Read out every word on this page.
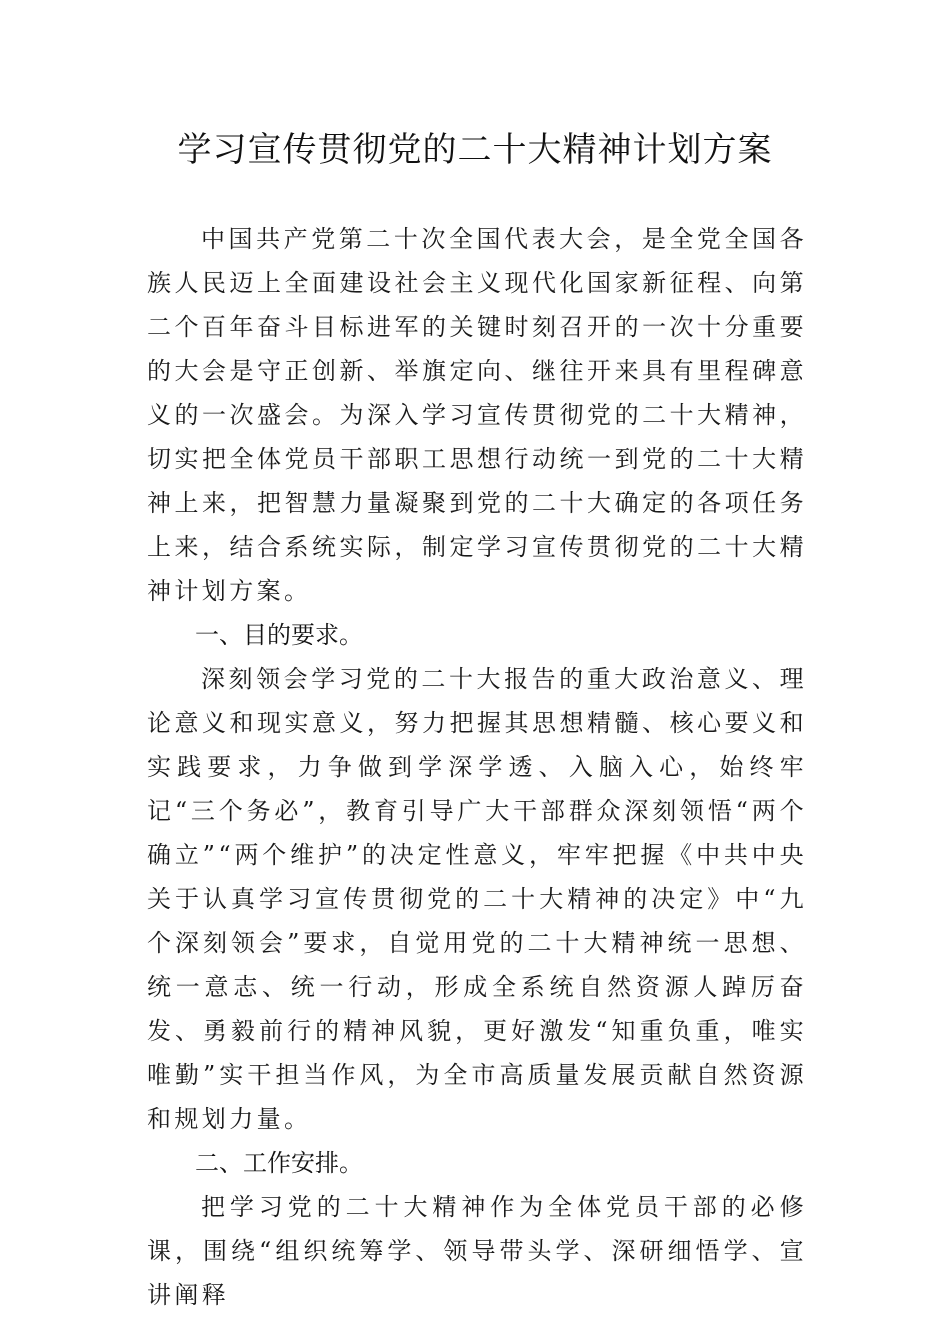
学习宣传贯彻党的二十大精神计划方案

中国共产党第二十次全国代表大会，是全党全国各族人民迈上全面建设社会主义现代化国家新征程、向第二个百年奋斗目标进军的关键时刻召开的一次十分重要的大会是守正创新、举旗定向、继往开来具有里程碑意义的一次盛会。为深入学习宣传贯彻党的二十大精神，切实把全体党员干部职工思想行动统一到党的二十大精神上来，把智慧力量凝聚到党的二十大确定的各项任务上来，结合系统实际，制定学习宣传贯彻党的二十大精神计划方案。

一、目的要求。

深刻领会学习党的二十大报告的重大政治意义、理论意义和现实意义，努力把握其思想精髓、核心要义和实践要求，力争做到学深学透、入脑入心，始终牢记“三个务必”，教育引导广大干部群众深刻领悟“两个确立”“两个维护”的决定性意义，牢牢把握《中共中央关于认真学习宣传贯彻党的二十大精神的决定》中“九个深刻领会”要求，自觉用党的二十大精神统一思想、统一意志、统一行动，形成全系统自然资源人踔厉奋发、勇毅前行的精神风貌，更好激发“知重负重，唯实唯勤”实干担当作风，为全市高质量发展贡献自然资源和规划力量。

二、工作安排。

把学习党的二十大精神作为全体党员干部的必修课，围绕“组织统筹学、领导带头学、深研细悟学、宣讲阐释
